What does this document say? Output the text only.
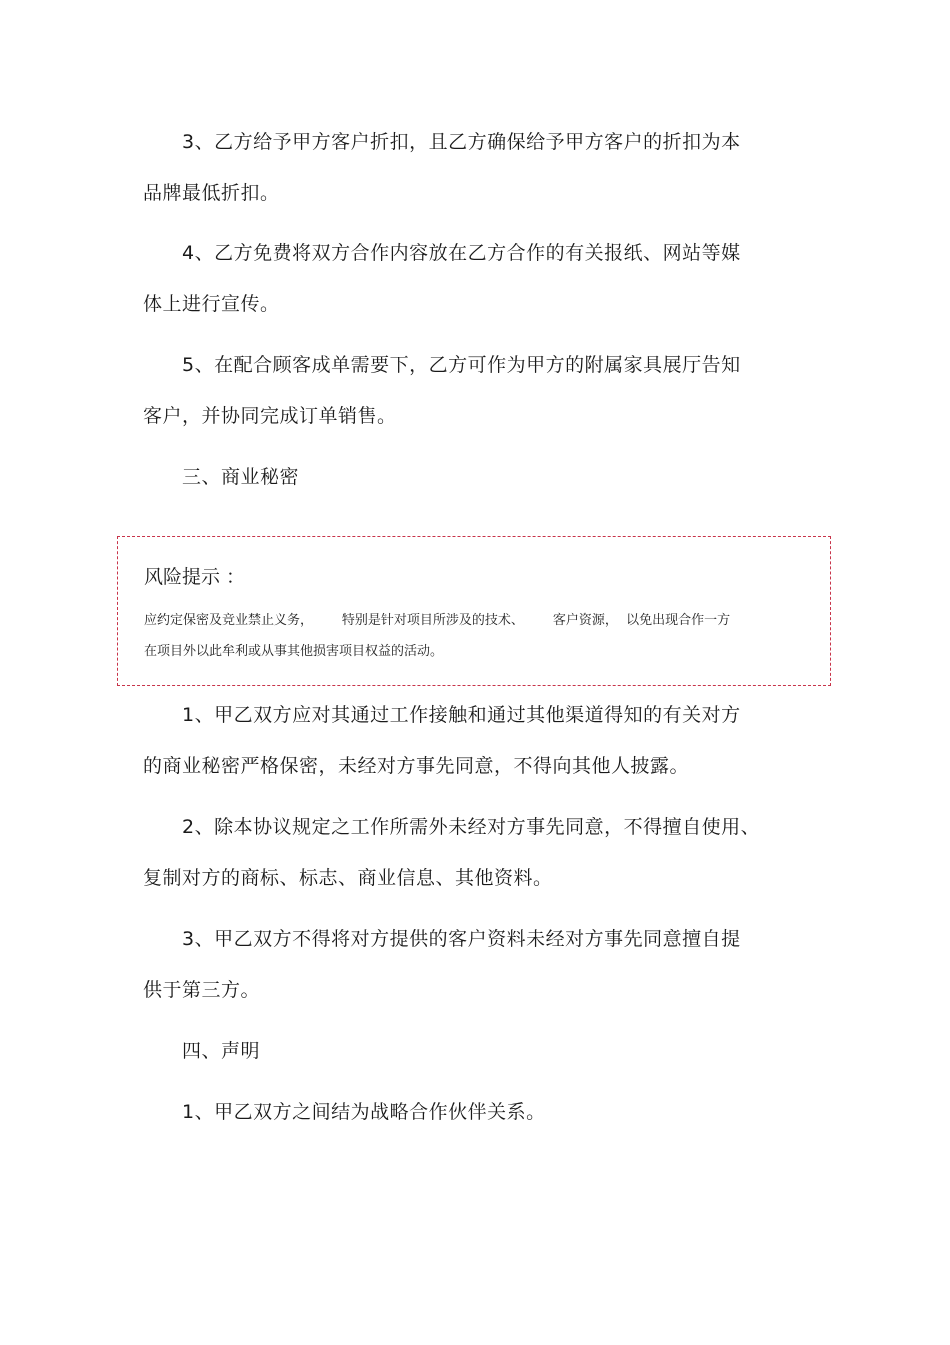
3、乙方给予甲方客户折扣，且乙方确保给予甲方客户的折扣为本
品牌最低折扣。
4、乙方免费将双方合作内容放在乙方合作的有关报纸、网站等媒
体上进行宣传。
5、在配合顾客成单需要下，乙方可作为甲方的附属家具展厅告知
客户，并协同完成订单销售。
三、商业秘密
风险提示 ：
应约定保密及竞业禁止义务，       特别是针对项目所涉及的技术、       客户资源，  以免出现合作一方
在项目外以此牟利或从事其他损害项目权益的活动。
1、甲乙双方应对其通过工作接触和通过其他渠道得知的有关对方
的商业秘密严格保密，未经对方事先同意，不得向其他人披露。
2、除本协议规定之工作所需外未经对方事先同意，不得擅自使用、
复制对方的商标、标志、商业信息、其他资料。
3、甲乙双方不得将对方提供的客户资料未经对方事先同意擅自提
供于第三方。
四、声明
1、甲乙双方之间结为战略合作伙伴关系。
